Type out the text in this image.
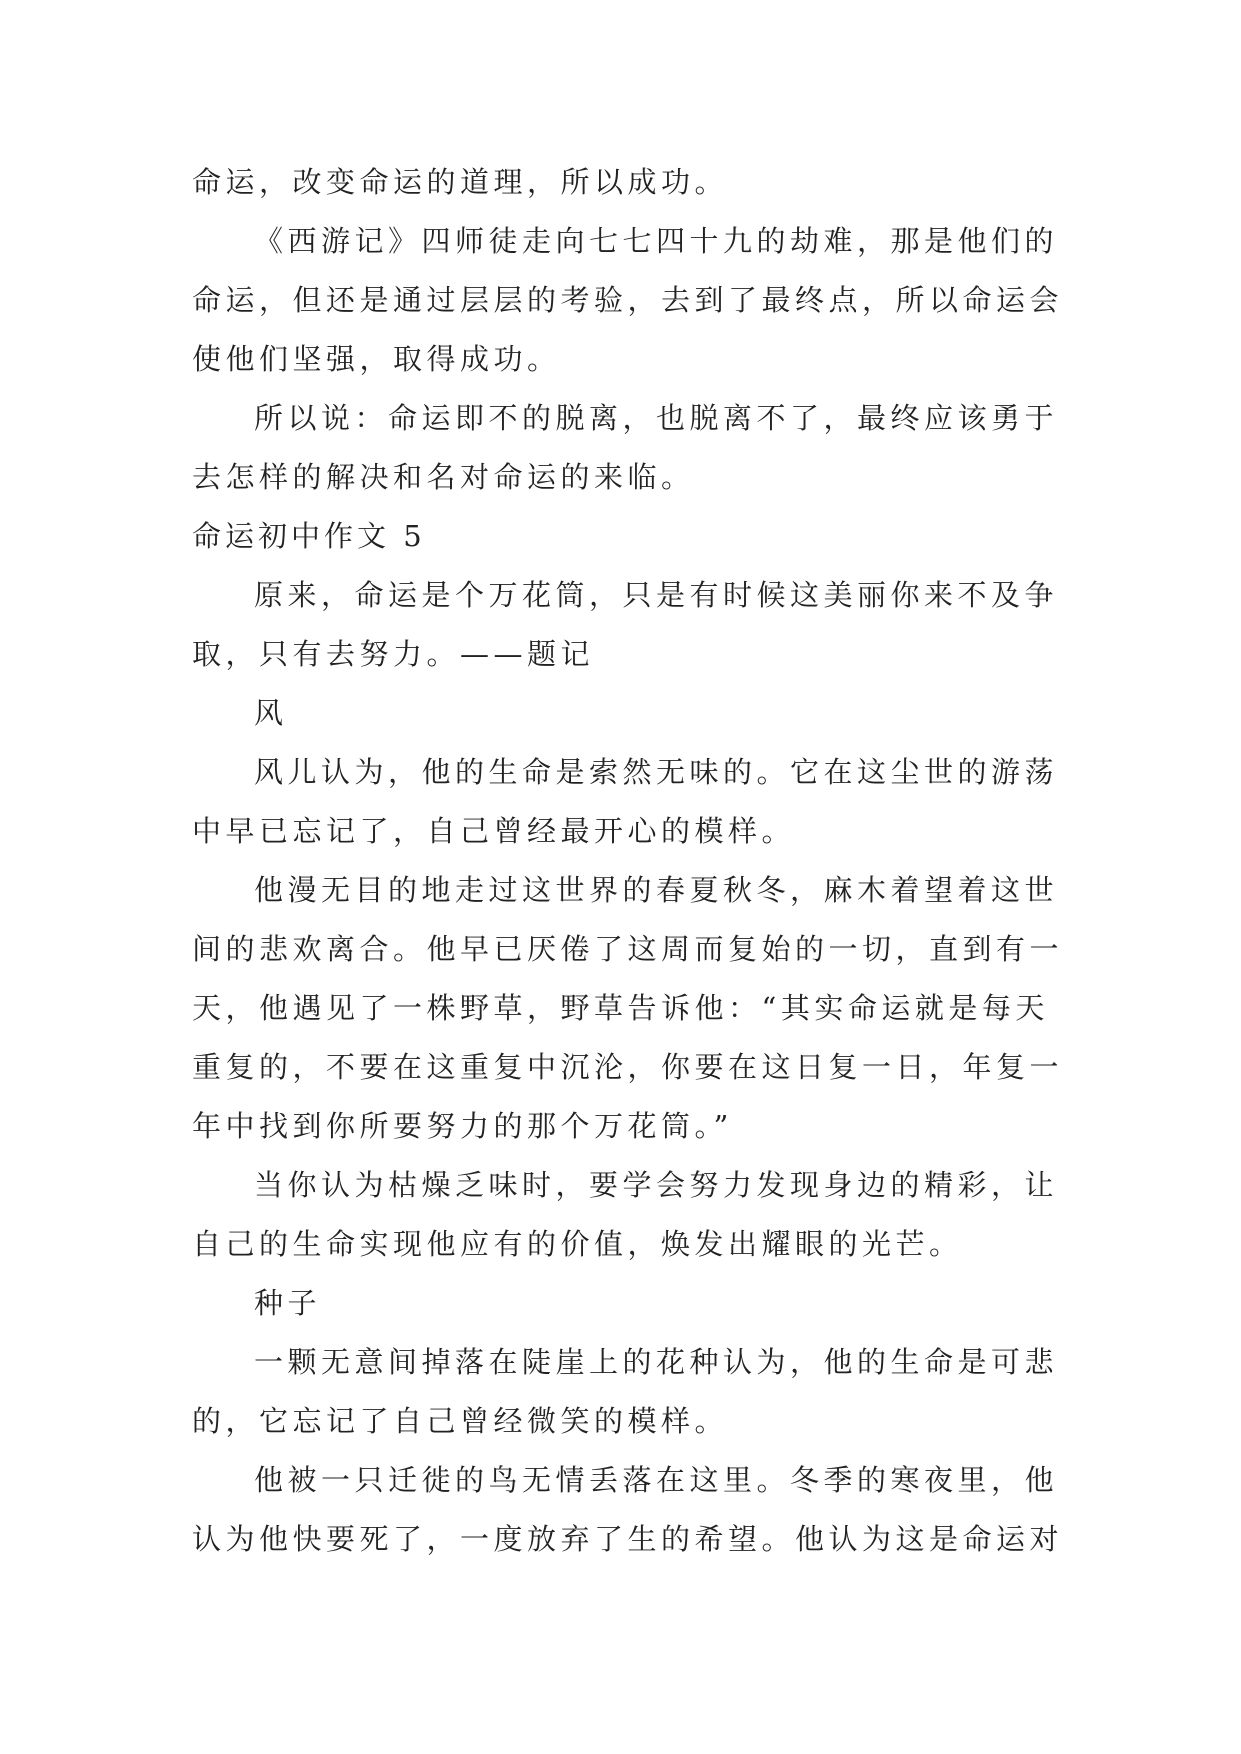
命运，改变命运的道理，所以成功。
《西游记》四师徒走向七七四十九的劫难，那是他们的
命运，但还是通过层层的考验，去到了最终点，所以命运会
使他们坚强，取得成功。
所以说：命运即不的脱离，也脱离不了，最终应该勇于
去怎样的解决和名对命运的来临。
命运初中作文 5
原来，命运是个万花筒，只是有时候这美丽你来不及争
取，只有去努力。——题记
风
风儿认为，他的生命是索然无味的。它在这尘世的游荡
中早已忘记了，自己曾经最开心的模样。
他漫无目的地走过这世界的春夏秋冬，麻木着望着这世
间的悲欢离合。他早已厌倦了这周而复始的一切，直到有一
天，他遇见了一株野草，野草告诉他：“其实命运就是每天
重复的，不要在这重复中沉沦，你要在这日复一日，年复一
年中找到你所要努力的那个万花筒。”
当你认为枯燥乏味时，要学会努力发现身边的精彩，让
自己的生命实现他应有的价值，焕发出耀眼的光芒。
种子
一颗无意间掉落在陡崖上的花种认为，他的生命是可悲
的，它忘记了自己曾经微笑的模样。
他被一只迁徙的鸟无情丢落在这里。冬季的寒夜里，他
认为他快要死了，一度放弃了生的希望。他认为这是命运对
